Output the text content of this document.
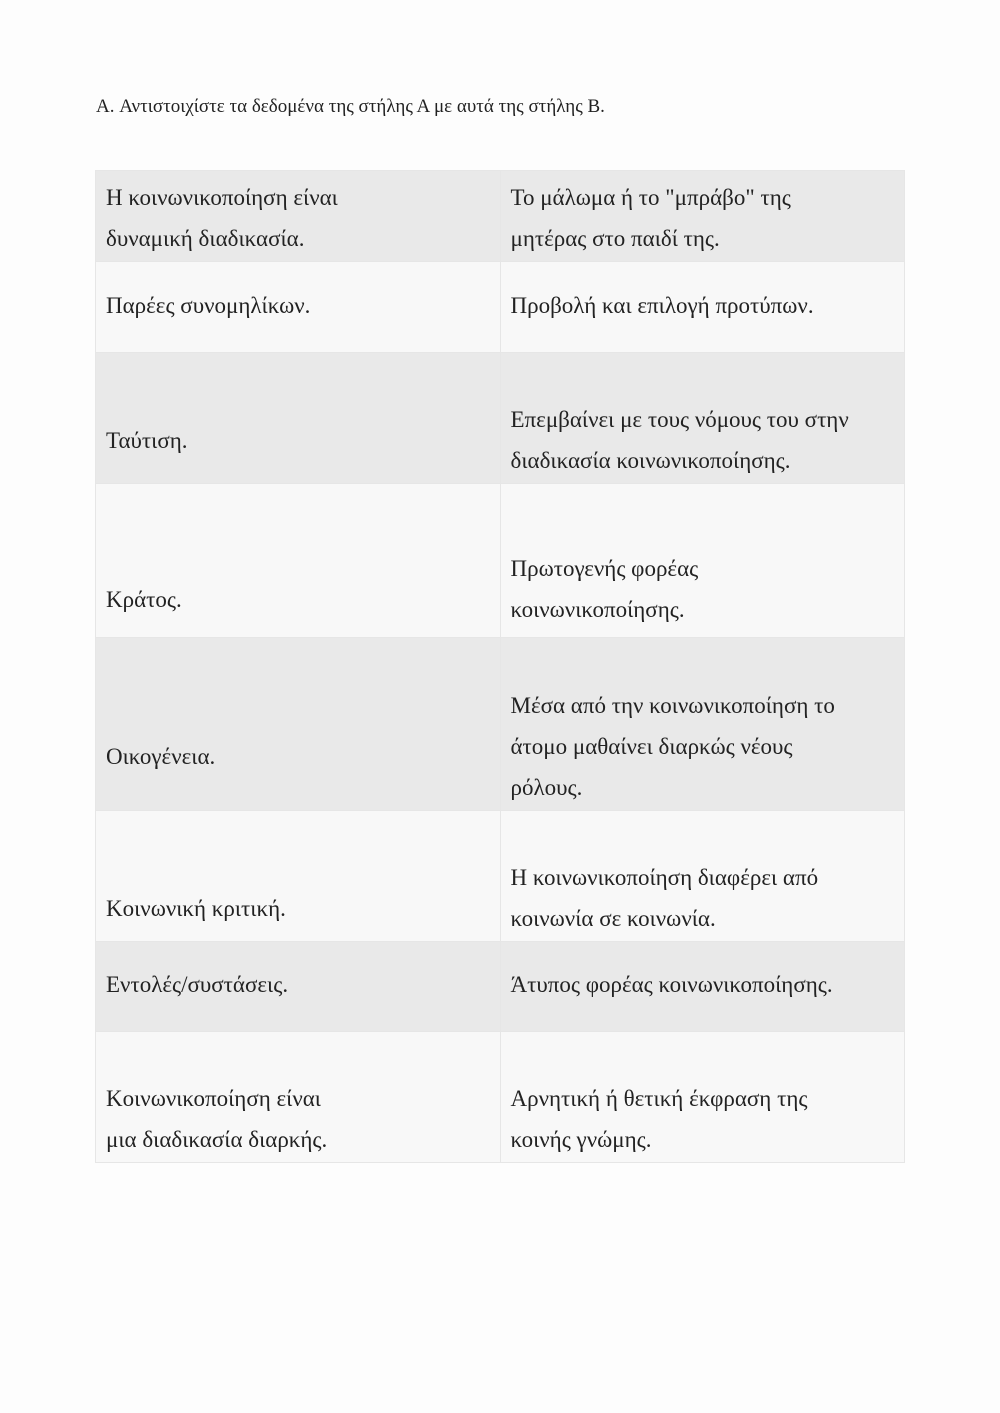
A. Αντιστοιχίστε τα δεδομένα της στήλης Α με αυτά της στήλης Β.

Η κοινωνικοποίηση είναι
δυναμική διαδικασία.	Το μάλωμα ή το "μπράβο" της
μητέρας στο παιδί της.

Παρέες συνομηλίκων.	Προβολή και επιλογή προτύπων.

Ταύτιση.	Επεμβαίνει με τους νόμους του στην
διαδικασία κοινωνικοποίησης.

Κράτος.	Πρωτογενής φορέας
κοινωνικοποίησης.

Οικογένεια.	Μέσα από την κοινωνικοποίηση το
άτομο μαθαίνει διαρκώς νέους
ρόλους.

Κοινωνική κριτική.	Η κοινωνικοποίηση διαφέρει από
κοινωνία σε κοινωνία.

Εντολές/συστάσεις.	Άτυπος φορέας κοινωνικοποίησης.

Κοινωνικοποίηση είναι
μια διαδικασία διαρκής.	Αρνητική ή θετική έκφραση της
κοινής γνώμης.
